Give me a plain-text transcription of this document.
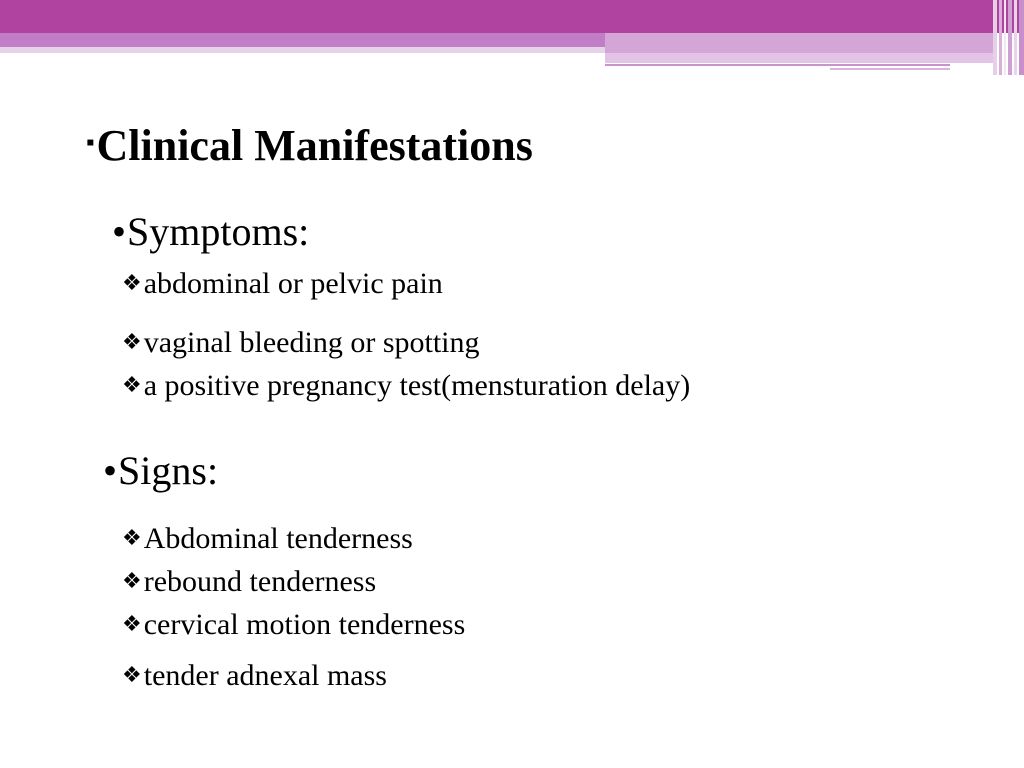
▪Clinical Manifestations
•Symptoms:
❖abdominal or pelvic pain
❖vaginal bleeding or spotting
❖a positive pregnancy test(mensturation delay)
•Signs:
❖Abdominal tenderness
❖rebound tenderness
❖cervical motion tenderness
❖tender adnexal mass
